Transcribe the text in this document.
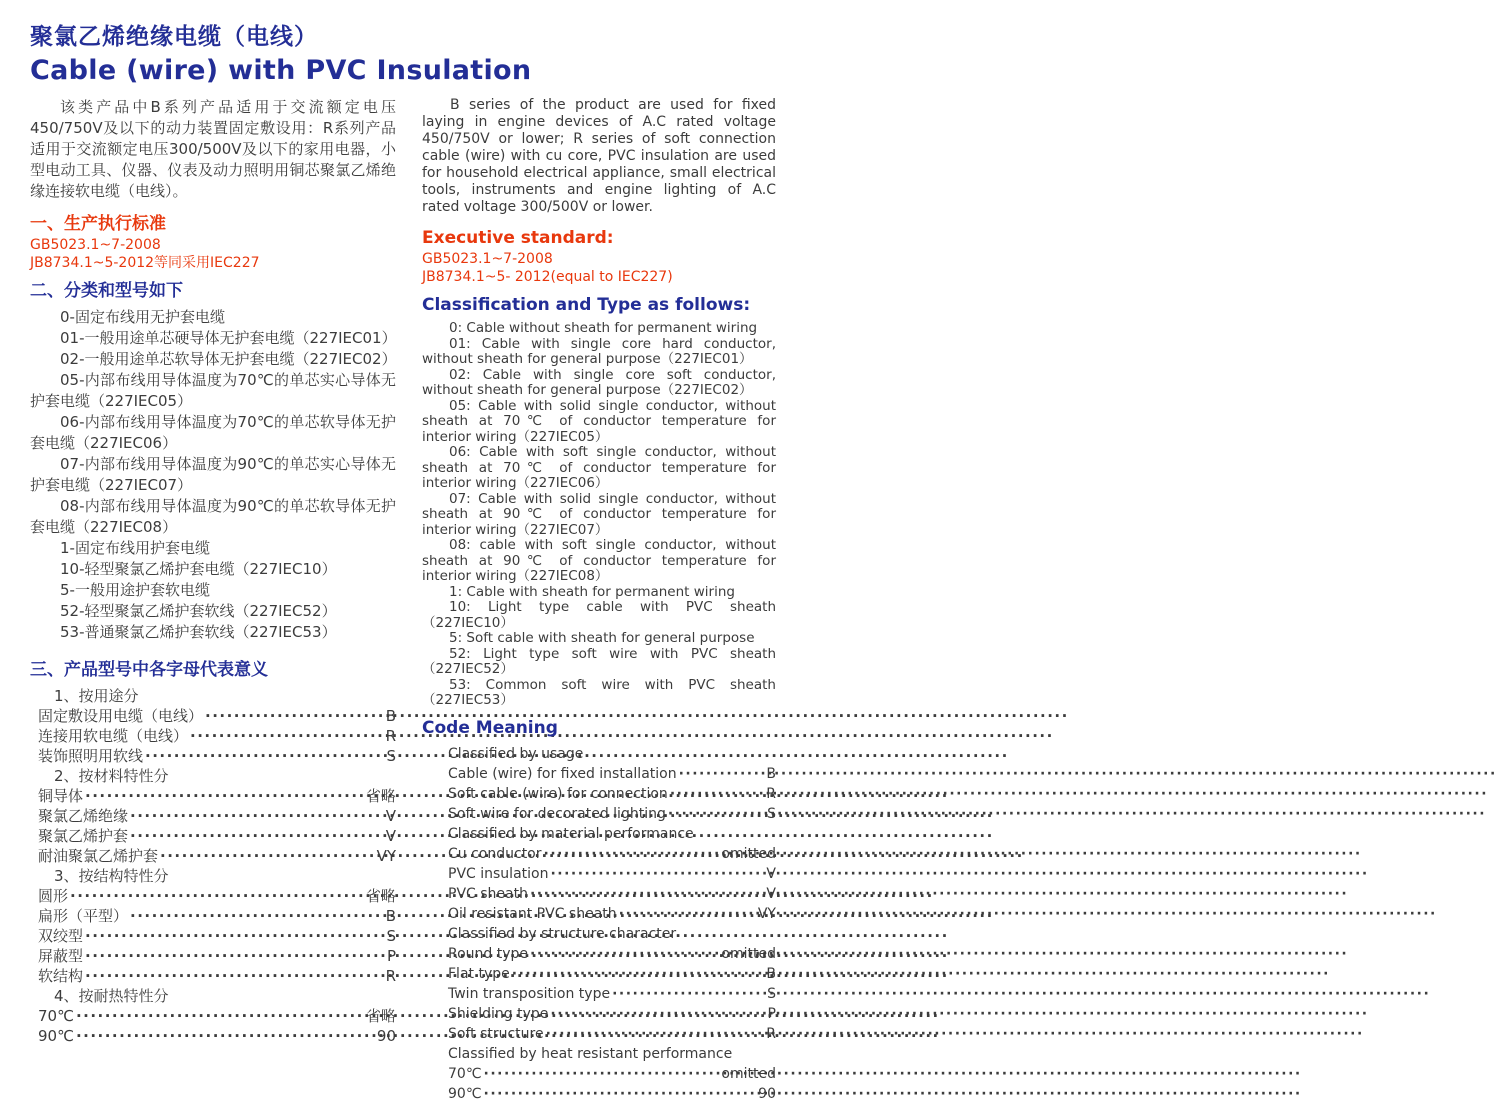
聚氯乙烯绝缘电缆（电线）
Cable (wire) with PVC Insulation

该类产品中B系列产品适用于交流额定电压450/750V及以下的动力装置固定敷设用：R系列产品适用于交流额定电压300/500V及以下的家用电器，小型电动工具、仪器、仪表及动力照明用铜芯聚氯乙烯绝缘连接软电缆（电线）。

一、生产执行标准

GB5023.1~7-2008

JB8734.1~5-2012等同采用IEC227

二、分类和型号如下

0-固定布线用无护套电缆

01-一般用途单芯硬导体无护套电缆（227IEC01）

02-一般用途单芯软导体无护套电缆（227IEC02）

05-内部布线用导体温度为70℃的单芯实心导体无护套电缆（227IEC05）

06-内部布线用导体温度为70℃的单芯软导体无护套电缆（227IEC06）

07-内部布线用导体温度为90℃的单芯实心导体无护套电缆（227IEC07）

08-内部布线用导体温度为90℃的单芯软导体无护套电缆（227IEC08）

1-固定布线用护套电缆

10-轻型聚氯乙烯护套电缆（227IEC10）

5-一般用途护套软电缆

52-轻型聚氯乙烯护套软线（227IEC52）

53-普通聚氯乙烯护套软线（227IEC53）

三、产品型号中各字母代表意义
1、按用途分
固定敷设用电缆（电线） ·····	B
连接用软电缆（电线） ·····	R
装饰照明用软线 ·····	S
2、按材料特性分
铜导体 ·····	省略
聚氯乙烯绝缘 ·····	V
聚氯乙烯护套 ·····	V
耐油聚氯乙烯护套 ·····	VY
3、按结构特性分
圆形 ·····	省略
扁形（平型） ·····	B
双绞型 ·····	S
屏蔽型 ·····	P
软结构 ·····	R
4、按耐热特性分
70℃ ·····	省略
90℃ ·····	90

B series of the product are used for fixed laying in engine devices of A.C rated voltage 450/750V or lower; R series of soft connection cable (wire) with cu core, PVC insulation are used for household electrical appliance, small electrical tools, instruments and engine lighting of A.C rated voltage 300/500V or lower.

Executive standard:

GB5023.1~7-2008

JB8734.1~5- 2012(equal to IEC227)

Classification and Type as follows:

0: Cable without sheath for permanent wiring

01: Cable with single core hard conductor, without sheath for general purpose（227IEC01）

02: Cable with single core soft conductor, without sheath for general purpose（227IEC02）

05: Cable with solid single conductor, without sheath at 70℃ of conductor temperature for interior wiring（227IEC05）

06: Cable with soft single conductor, without sheath at 70℃ of conductor temperature for interior wiring（227IEC06）

07: Cable with solid single conductor, without sheath at 90℃ of conductor temperature for interior wiring（227IEC07）

08: cable with soft single conductor, without sheath at 90℃ of conductor temperature for interior wiring（227IEC08）

1: Cable with sheath for permanent wiring

10: Light type cable with PVC sheath（227IEC10）

5: Soft cable with sheath for general purpose

52: Light type soft wire with PVC sheath（227IEC52）

53: Common soft wire with PVC sheath（227IEC53）

Code Meaning
Classified by usage
Cable (wire) for fixed installation ·····	B
Soft cable (wire) for connection ·····	R
Soft wire for decorated lighting ·····	S
Classified by material performance
Cu conductor ·····	omitted
PVC insulation ·····	V
PVC sheath ·····	V
Oil resistant PVC sheath ·····	VY
Classified by structure character
Round type ·····	omitted
Flat type ·····	B
Twin transposition type ·····	S
Shielding type ·····	P
Soft structure ·····	R
Classified by heat resistant performance
70℃ ·····	omitted
90℃ ·····	90
